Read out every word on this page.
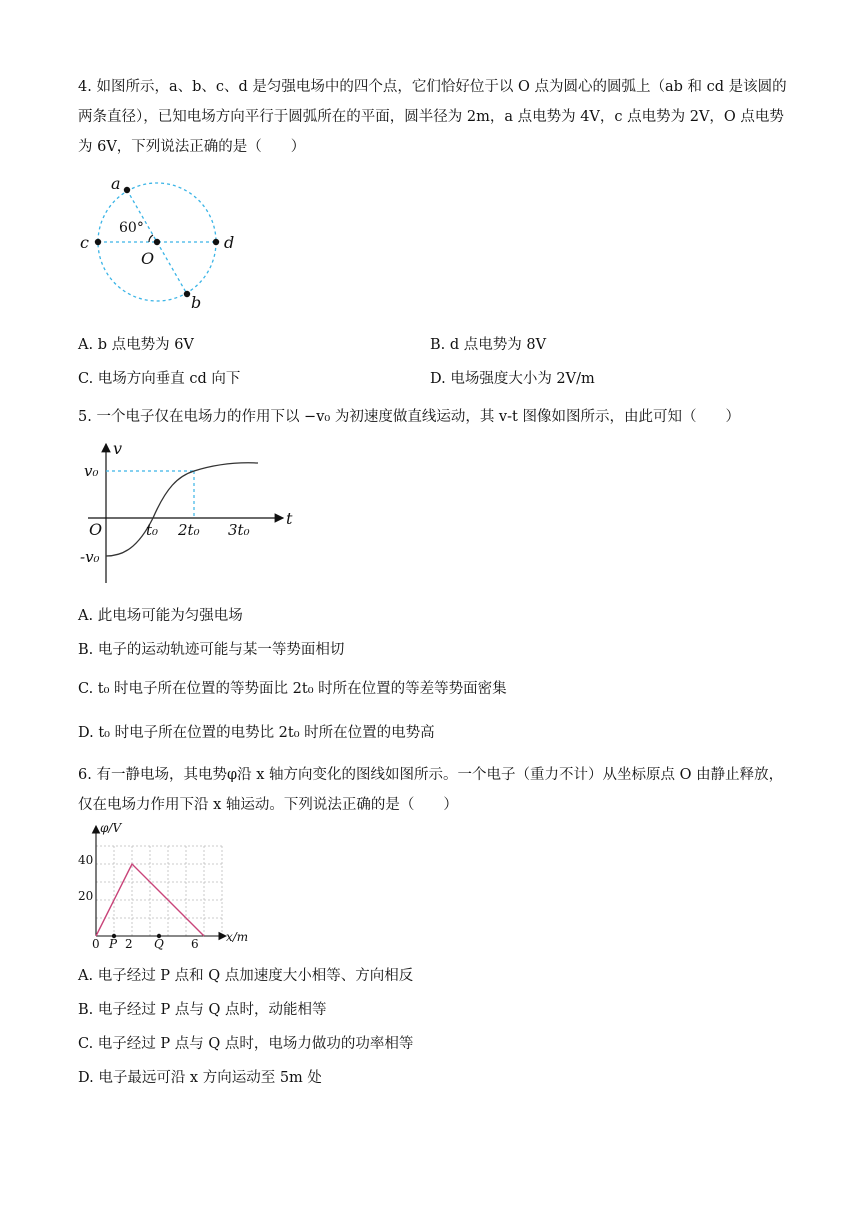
4. 如图所示，a、b、c、d 是匀强电场中的四个点，它们恰好位于以 O 点为圆心的圆弧上（ab 和 cd 是该圆的两条直径），已知电场方向平行于圆弧所在的平面，圆半径为 2m，a 点电势为 4V，c 点电势为 2V，O 点电势为 6V，下列说法正确的是（　　）

a
b
c	d
O
60°
A. b 点电势为 6V	B. d 点电势为 8V
C. 电场方向垂直 cd 向下	D. 电场强度大小为 2V/m

5. 一个电子仅在电场力的作用下以 −v₀ 为初速度做直线运动，其 v-t 图像如图所示，由此可知（　　）

v
t
O
v₀
-v₀
t₀ 2t₀ 3t₀
A. 此电场可能为匀强电场
B. 电子的运动轨迹可能与某一等势面相切
C. t₀ 时电子所在位置的等势面比 2t₀ 时所在位置的等差等势面密集
D. t₀ 时电子所在位置的电势比 2t₀ 时所在位置的电势高

6. 有一静电场，其电势φ沿 x 轴方向变化的图线如图所示。一个电子（重力不计）从坐标原点 O 由静止释放，仅在电场力作用下沿 x 轴运动。下列说法正确的是（　　）

φ/V
x/m
40
20
0 2	6
P	Q
A. 电子经过 P 点和 Q 点加速度大小相等、方向相反
B. 电子经过 P 点与 Q 点时，动能相等
C. 电子经过 P 点与 Q 点时，电场力做功的功率相等
D. 电子最远可沿 x 方向运动至 5m 处
